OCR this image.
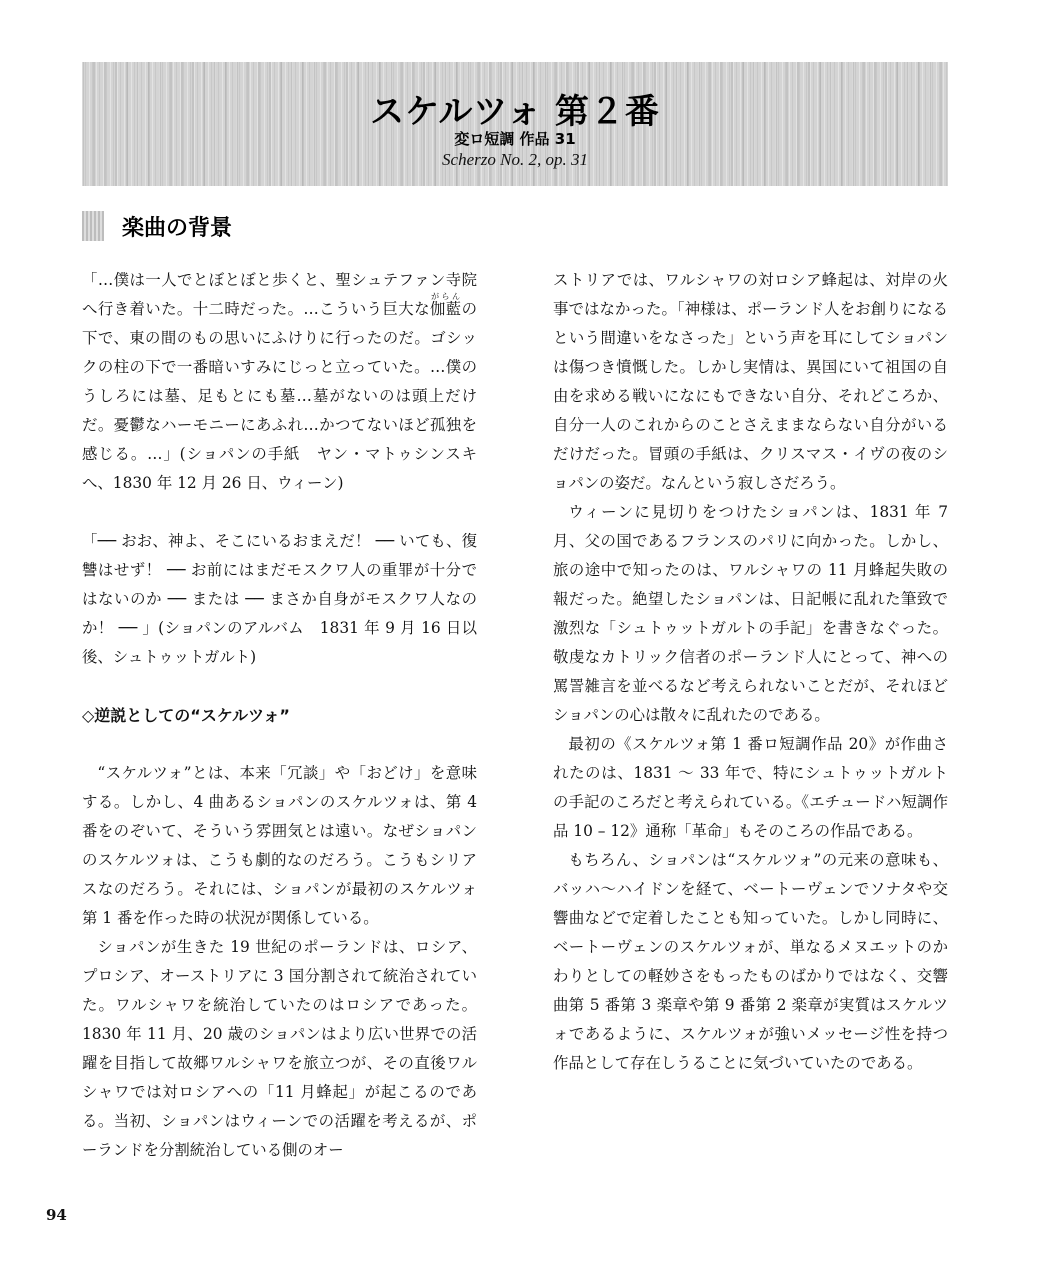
スケルツォ 第２番
変ロ短調 作品 31
Scherzo No. 2, op. 31
楽曲の背景

「…僕は一人でとぼとぼと歩くと、聖シュテファン寺院へ行き着いた。十二時だった。…こういう巨大な伽藍がらんの下で、東の間のもの思いにふけりに行ったのだ。ゴシックの柱の下で一番暗いすみにじっと立っていた。…僕のうしろには墓、足もとにも墓…墓がないのは頭上だけだ。憂鬱なハーモニーにあふれ…かつてないほど孤独を感じる。…」(ショパンの手紙　ヤン・マトゥシンスキへ、1830 年 12 月 26 日、ウィーン)

「── おお、神よ、そこにいるおまえだ！ ── いても、復讐はせず！ ── お前にはまだモスクワ人の重罪が十分ではないのか ── または ── まさか自身がモスクワ人なのか！ ── 」(ショパンのアルバム　1831 年 9 月 16 日以後、シュトゥットガルト)

◇逆説としての“スケルツォ”

“スケルツォ”とは、本来「冗談」や「おどけ」を意味する。しかし、4 曲あるショパンのスケルツォは、第 4 番をのぞいて、そういう雰囲気とは遠い。なぜショパンのスケルツォは、こうも劇的なのだろう。こうもシリアスなのだろう。それには、ショパンが最初のスケルツォ第 1 番を作った時の状況が関係している。

ショパンが生きた 19 世紀のポーランドは、ロシア、プロシア、オーストリアに 3 国分割されて統治されていた。ワルシャワを統治していたのはロシアであった。1830 年 11 月、20 歳のショパンはより広い世界での活躍を目指して故郷ワルシャワを旅立つが、その直後ワルシャワでは対ロシアへの「11 月蜂起」が起こるのである。当初、ショパンはウィーンでの活躍を考えるが、ポーランドを分割統治している側のオー

ストリアでは、ワルシャワの対ロシア蜂起は、対岸の火事ではなかった。「神様は、ポーランド人をお創りになるという間違いをなさった」という声を耳にしてショパンは傷つき憤慨した。しかし実情は、異国にいて祖国の自由を求める戦いになにもできない自分、それどころか、自分一人のこれからのことさえままならない自分がいるだけだった。冒頭の手紙は、クリスマス・イヴの夜のショパンの姿だ。なんという寂しさだろう。

ウィーンに見切りをつけたショパンは、1831 年 7 月、父の国であるフランスのパリに向かった。しかし、旅の途中で知ったのは、ワルシャワの 11 月蜂起失敗の報だった。絶望したショパンは、日記帳に乱れた筆致で激烈な「シュトゥットガルトの手記」を書きなぐった。敬虔なカトリック信者のポーランド人にとって、神への罵詈雑言を並べるなど考えられないことだが、それほどショパンの心は散々に乱れたのである。

最初の《スケルツォ第 1 番ロ短調作品 20》が作曲されたのは、1831 ～ 33 年で、特にシュトゥットガルトの手記のころだと考えられている。《エチュードハ短調作品 10 – 12》通称「革命」もそのころの作品である。

もちろん、ショパンは“スケルツォ”の元来の意味も、バッハ～ハイドンを経て、ベートーヴェンでソナタや交響曲などで定着したことも知っていた。しかし同時に、ベートーヴェンのスケルツォが、単なるメヌエットのかわりとしての軽妙さをもったものばかりではなく、交響曲第 5 番第 3 楽章や第 9 番第 2 楽章が実質はスケルツォであるように、スケルツォが強いメッセージ性を持つ作品として存在しうることに気づいていたのである。

94
